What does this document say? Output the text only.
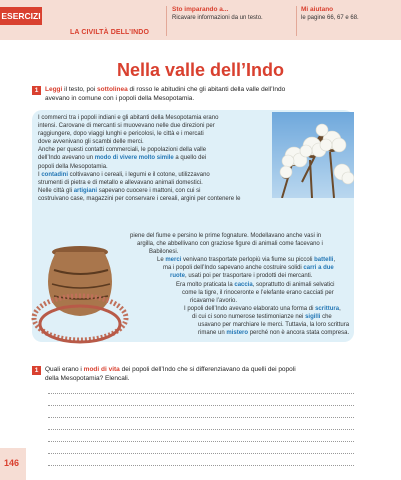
ESERCIZI
LA CIVILTÀ DELL’INDO
Sto imparando a...
Ricavare informazioni da un testo.
Mi aiutano
le pagine 66, 67 e 68.
Nella valle dell’Indo
1	Leggi il testo, poi sottolinea di rosso le abitudini che gli abitanti della valle dell’Indo
avevano in comune con i popoli della Mesopotamia.
I commerci tra i popoli indiani e gli abitanti della Mesopotamia erano
intensi. Carovane di mercanti si muovevano nelle due direzioni per
raggiungere, dopo viaggi lunghi e pericolosi, le città e i mercati
dove avvenivano gli scambi delle merci.
Anche per questi contatti commerciali, le popolazioni della valle
dell’Indo avevano un modo di vivere molto simile a quello dei
popoli della Mesopotamia.
I contadini coltivavano i cereali, i legumi e il cotone, utilizzavano
strumenti di pietra e di metallo e allevavano animali domestici.
Nelle città gli artigiani sapevano cuocere i mattoni, con cui si
costruivano case, magazzini per conservare i cereali, argini per contenere le
piene del fiume e persino le prime fognature. Modellavano anche vasi in
argilla, che abbellivano con graziose figure di animali come facevano i
Babilonesi.
Le merci venivano trasportate perlopiù via fiume su piccoli battelli,
ma i popoli dell’Indo sapevano anche costruire solidi carri a due
ruote, usati poi per trasportare i prodotti dei mercanti.
Era molto praticata la caccia, soprattutto di animali selvatici
come la tigre, il rinoceronte e l’elefante erano cacciati per
ricavarne l’avorio.
I popoli dell’Indo avevano elaborato una forma di scrittura,
di cui ci sono numerose testimonianze nei sigilli che
usavano per marchiare le merci. Tuttavia, la loro scrittura
rimane un mistero perché non è ancora stata compresa.
1	Quali erano i modi di vita dei popoli dell’Indo che si differenziavano da quelli dei popoli
della Mesopotamia? Elencali.
146
